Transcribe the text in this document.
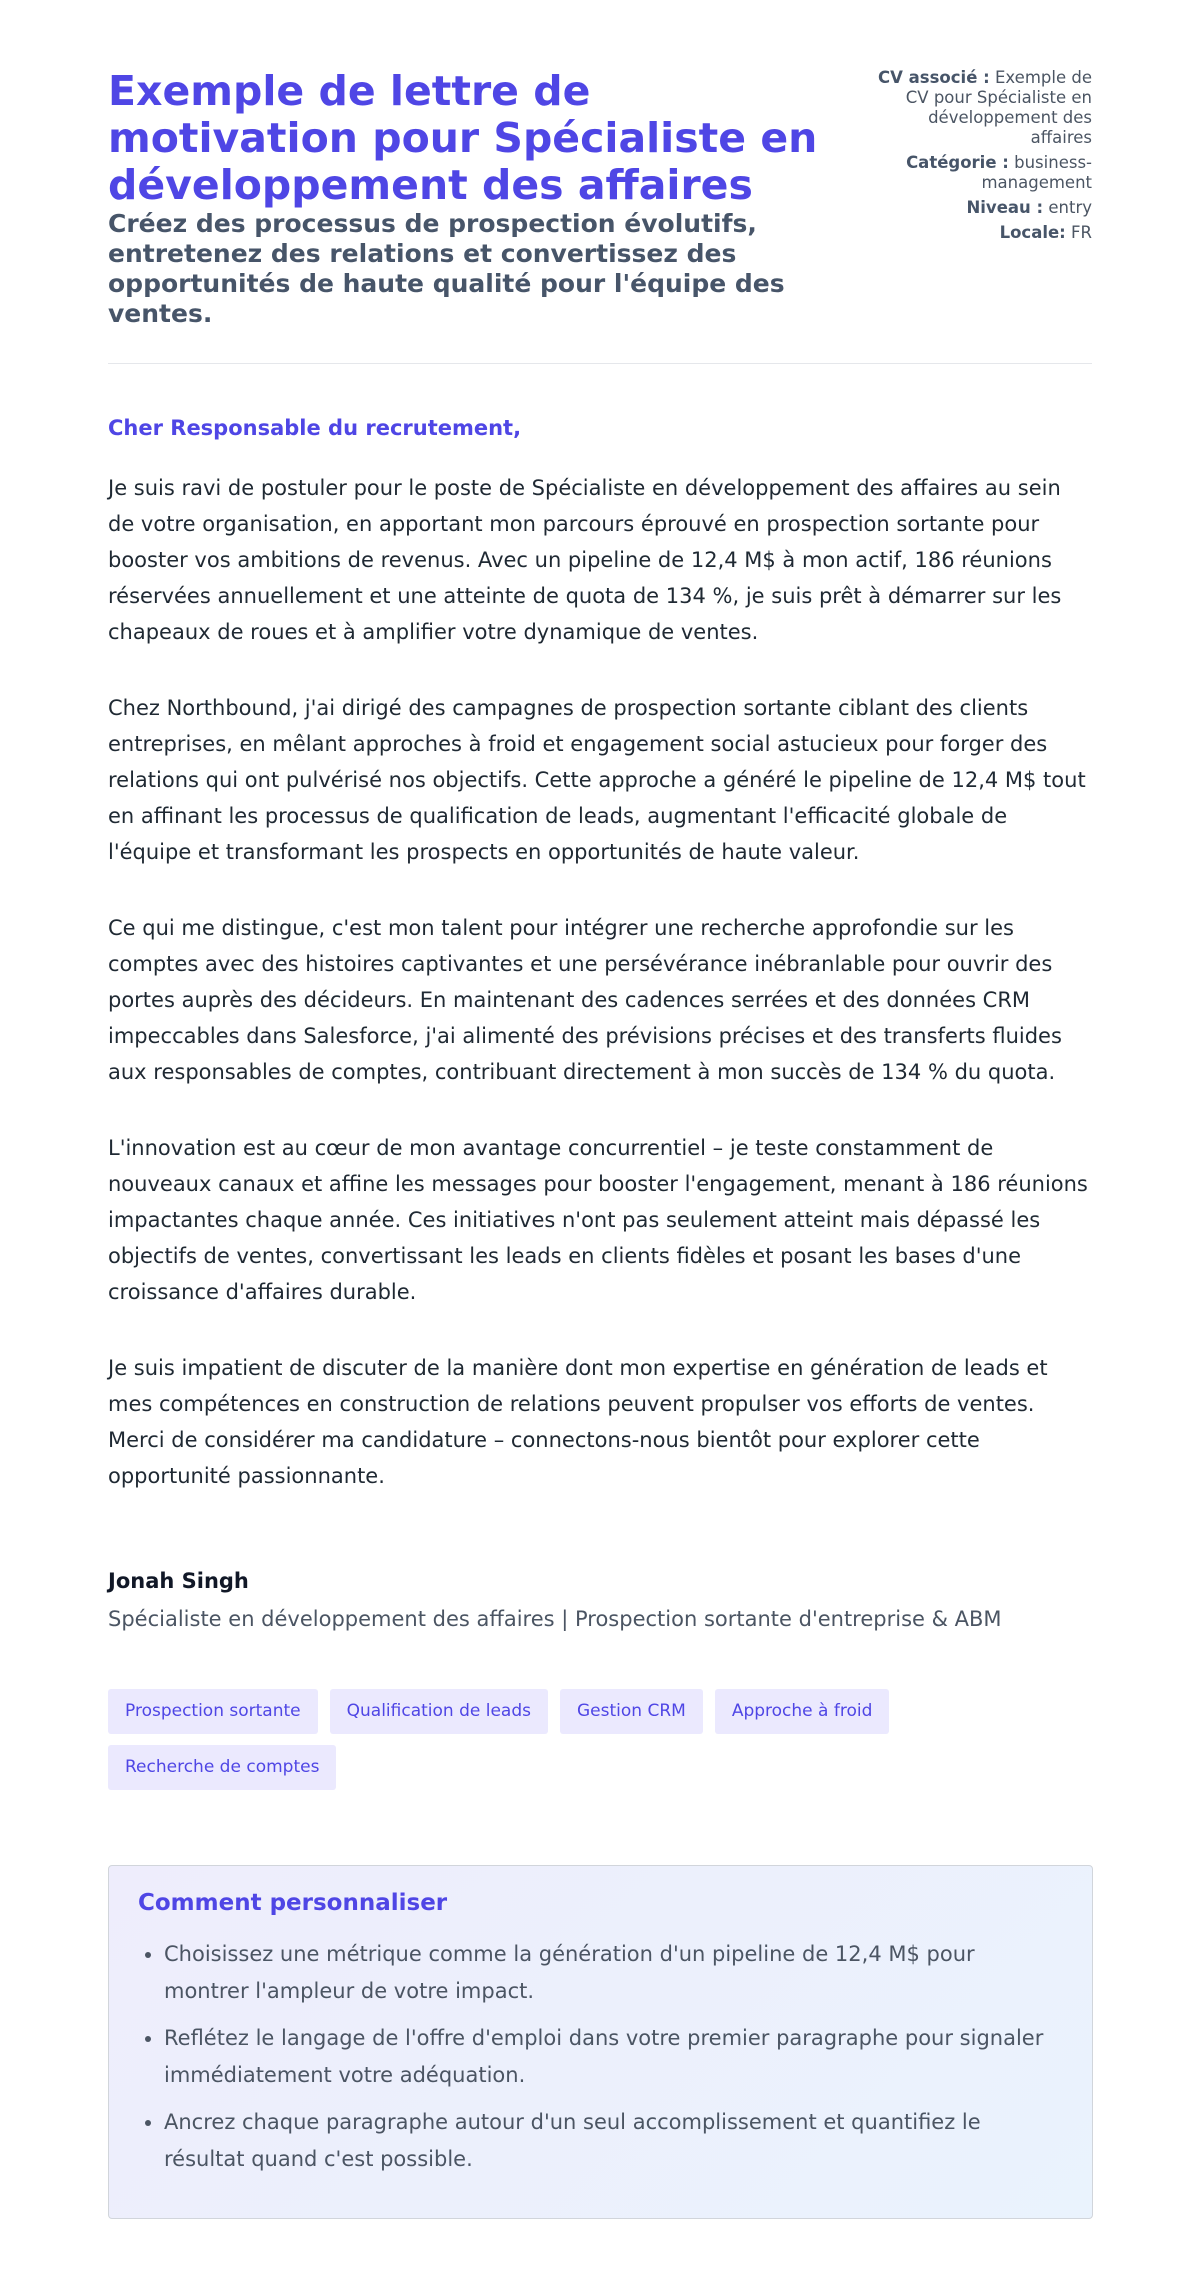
Exemple de lettre de motivation pour Spécialiste en développement des affaires

Créez des processus de prospection évolutifs, entretenez des relations et convertissez des opportunités de haute qualité pour l'équipe des ventes.

CV associé : Exemple de CV pour Spécialiste en développement des affaires
Catégorie : business-management
Niveau : entry
Locale: FR

Cher Responsable du recrutement,

Je suis ravi de postuler pour le poste de Spécialiste en développement des affaires au sein de votre organisation, en apportant mon parcours éprouvé en prospection sortante pour booster vos ambitions de revenus. Avec un pipeline de 12,4 M$ à mon actif, 186 réunions réservées annuellement et une atteinte de quota de 134 %, je suis prêt à démarrer sur les chapeaux de roues et à amplifier votre dynamique de ventes.

Chez Northbound, j'ai dirigé des campagnes de prospection sortante ciblant des clients entreprises, en mêlant approches à froid et engagement social astucieux pour forger des relations qui ont pulvérisé nos objectifs. Cette approche a généré le pipeline de 12,4 M$ tout en affinant les processus de qualification de leads, augmentant l'efficacité globale de l'équipe et transformant les prospects en opportunités de haute valeur.

Ce qui me distingue, c'est mon talent pour intégrer une recherche approfondie sur les comptes avec des histoires captivantes et une persévérance inébranlable pour ouvrir des portes auprès des décideurs. En maintenant des cadences serrées et des données CRM impeccables dans Salesforce, j'ai alimenté des prévisions précises et des transferts fluides aux responsables de comptes, contribuant directement à mon succès de 134 % du quota.

L'innovation est au cœur de mon avantage concurrentiel – je teste constamment de nouveaux canaux et affine les messages pour booster l'engagement, menant à 186 réunions impactantes chaque année. Ces initiatives n'ont pas seulement atteint mais dépassé les objectifs de ventes, convertissant les leads en clients fidèles et posant les bases d'une croissance d'affaires durable.

Je suis impatient de discuter de la manière dont mon expertise en génération de leads et mes compétences en construction de relations peuvent propulser vos efforts de ventes. Merci de considérer ma candidature – connectons-nous bientôt pour explorer cette opportunité passionnante.

Jonah Singh

Spécialiste en développement des affaires | Prospection sortante d'entreprise & ABM

Prospection sortante	Qualification de leads	Gestion CRM	Approche à froid
Recherche de comptes
Comment personnaliser
• Choisissez une métrique comme la génération d'un pipeline de 12,4 M$ pour montrer l'ampleur de votre impact.
• Reflétez le langage de l'offre d'emploi dans votre premier paragraphe pour signaler immédiatement votre adéquation.
• Ancrez chaque paragraphe autour d'un seul accomplissement et quantifiez le résultat quand c'est possible.
